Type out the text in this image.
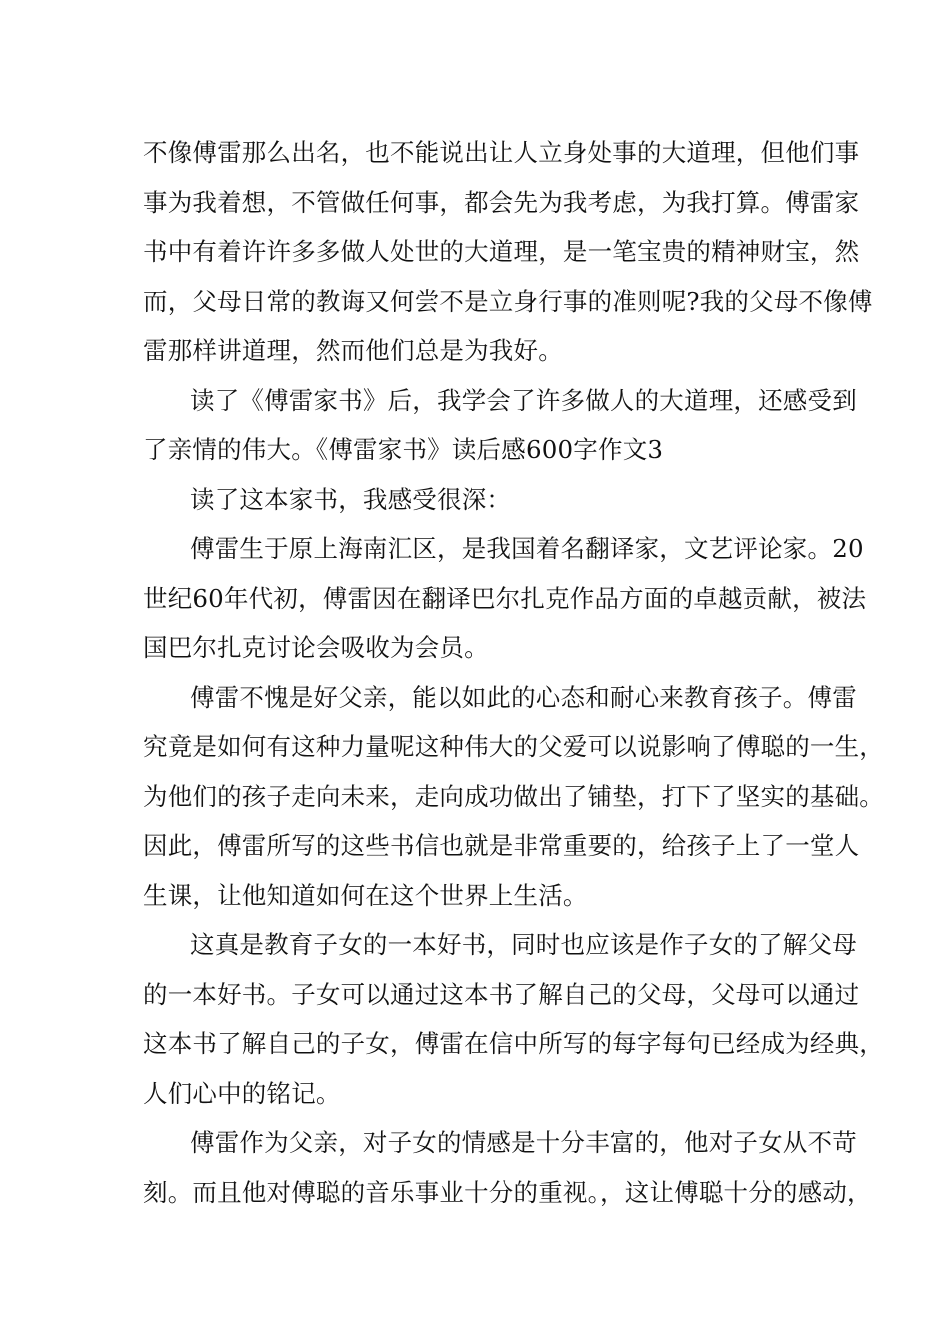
不像傅雷那么出名，也不能说出让人立身处事的大道理，但他们事
事为我着想，不管做任何事，都会先为我考虑，为我打算。傅雷家
书中有着许许多多做人处世的大道理，是一笔宝贵的精神财宝，然
而，父母日常的教诲又何尝不是立身行事的准则呢?我的父母不像傅
雷那样讲道理，然而他们总是为我好。
读了《傅雷家书》后，我学会了许多做人的大道理，还感受到
了亲情的伟大。《傅雷家书》读后感600字作文3
读了这本家书，我感受很深：
傅雷生于原上海南汇区，是我国着名翻译家，文艺评论家。20
世纪60年代初，傅雷因在翻译巴尔扎克作品方面的卓越贡献，被法
国巴尔扎克讨论会吸收为会员。
傅雷不愧是好父亲，能以如此的心态和耐心来教育孩子。傅雷
究竟是如何有这种力量呢这种伟大的父爱可以说影响了傅聪的一生，
为他们的孩子走向未来，走向成功做出了铺垫，打下了坚实的基础。
因此，傅雷所写的这些书信也就是非常重要的，给孩子上了一堂人
生课，让他知道如何在这个世界上生活。
这真是教育子女的一本好书，同时也应该是作子女的了解父母
的一本好书。子女可以通过这本书了解自己的父母，父母可以通过
这本书了解自己的子女，傅雷在信中所写的每字每句已经成为经典，
人们心中的铭记。
傅雷作为父亲，对子女的情感是十分丰富的，他对子女从不苛
刻。而且他对傅聪的音乐事业十分的重视。，这让傅聪十分的感动，
